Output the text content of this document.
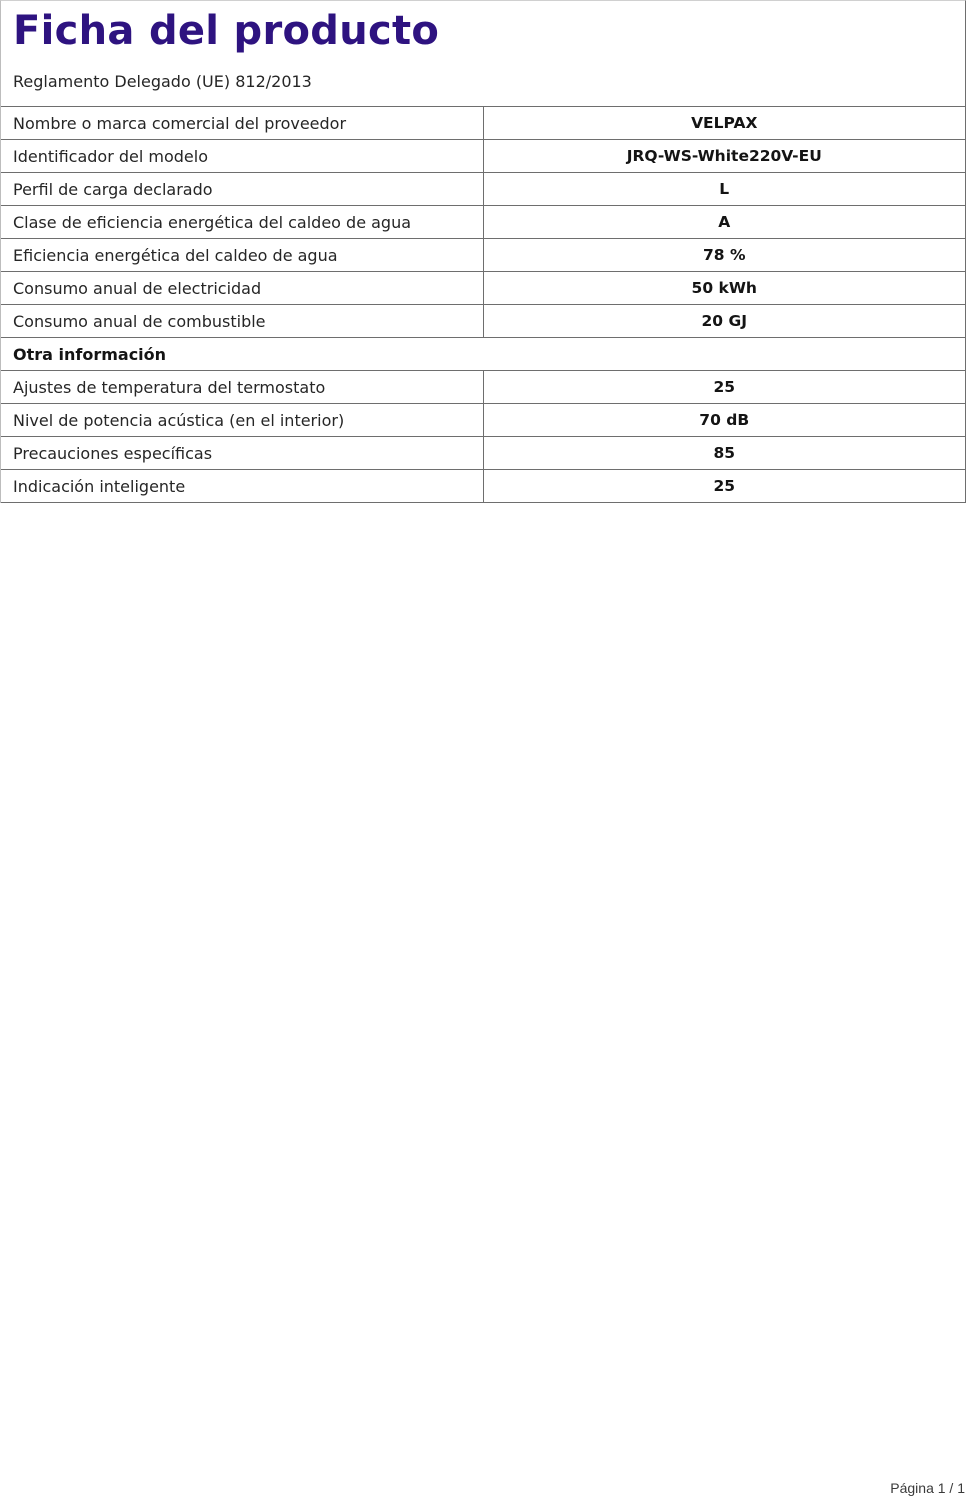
Ficha del producto
Reglamento Delegado (UE) 812/2013
Nombre o marca comercial del proveedor	VELPAX
Identificador del modelo	JRQ-WS-White220V-EU
Perfil de carga declarado	L
Clase de eficiencia energética del caldeo de agua	A
Eficiencia energética del caldeo de agua	78 %
Consumo anual de electricidad	50 kWh
Consumo anual de combustible	20 GJ
Otra información	
Ajustes de temperatura del termostato	25
Nivel de potencia acústica (en el interior)	70 dB
Precauciones específicas	85
Indicación inteligente	25
Página 1 / 1
